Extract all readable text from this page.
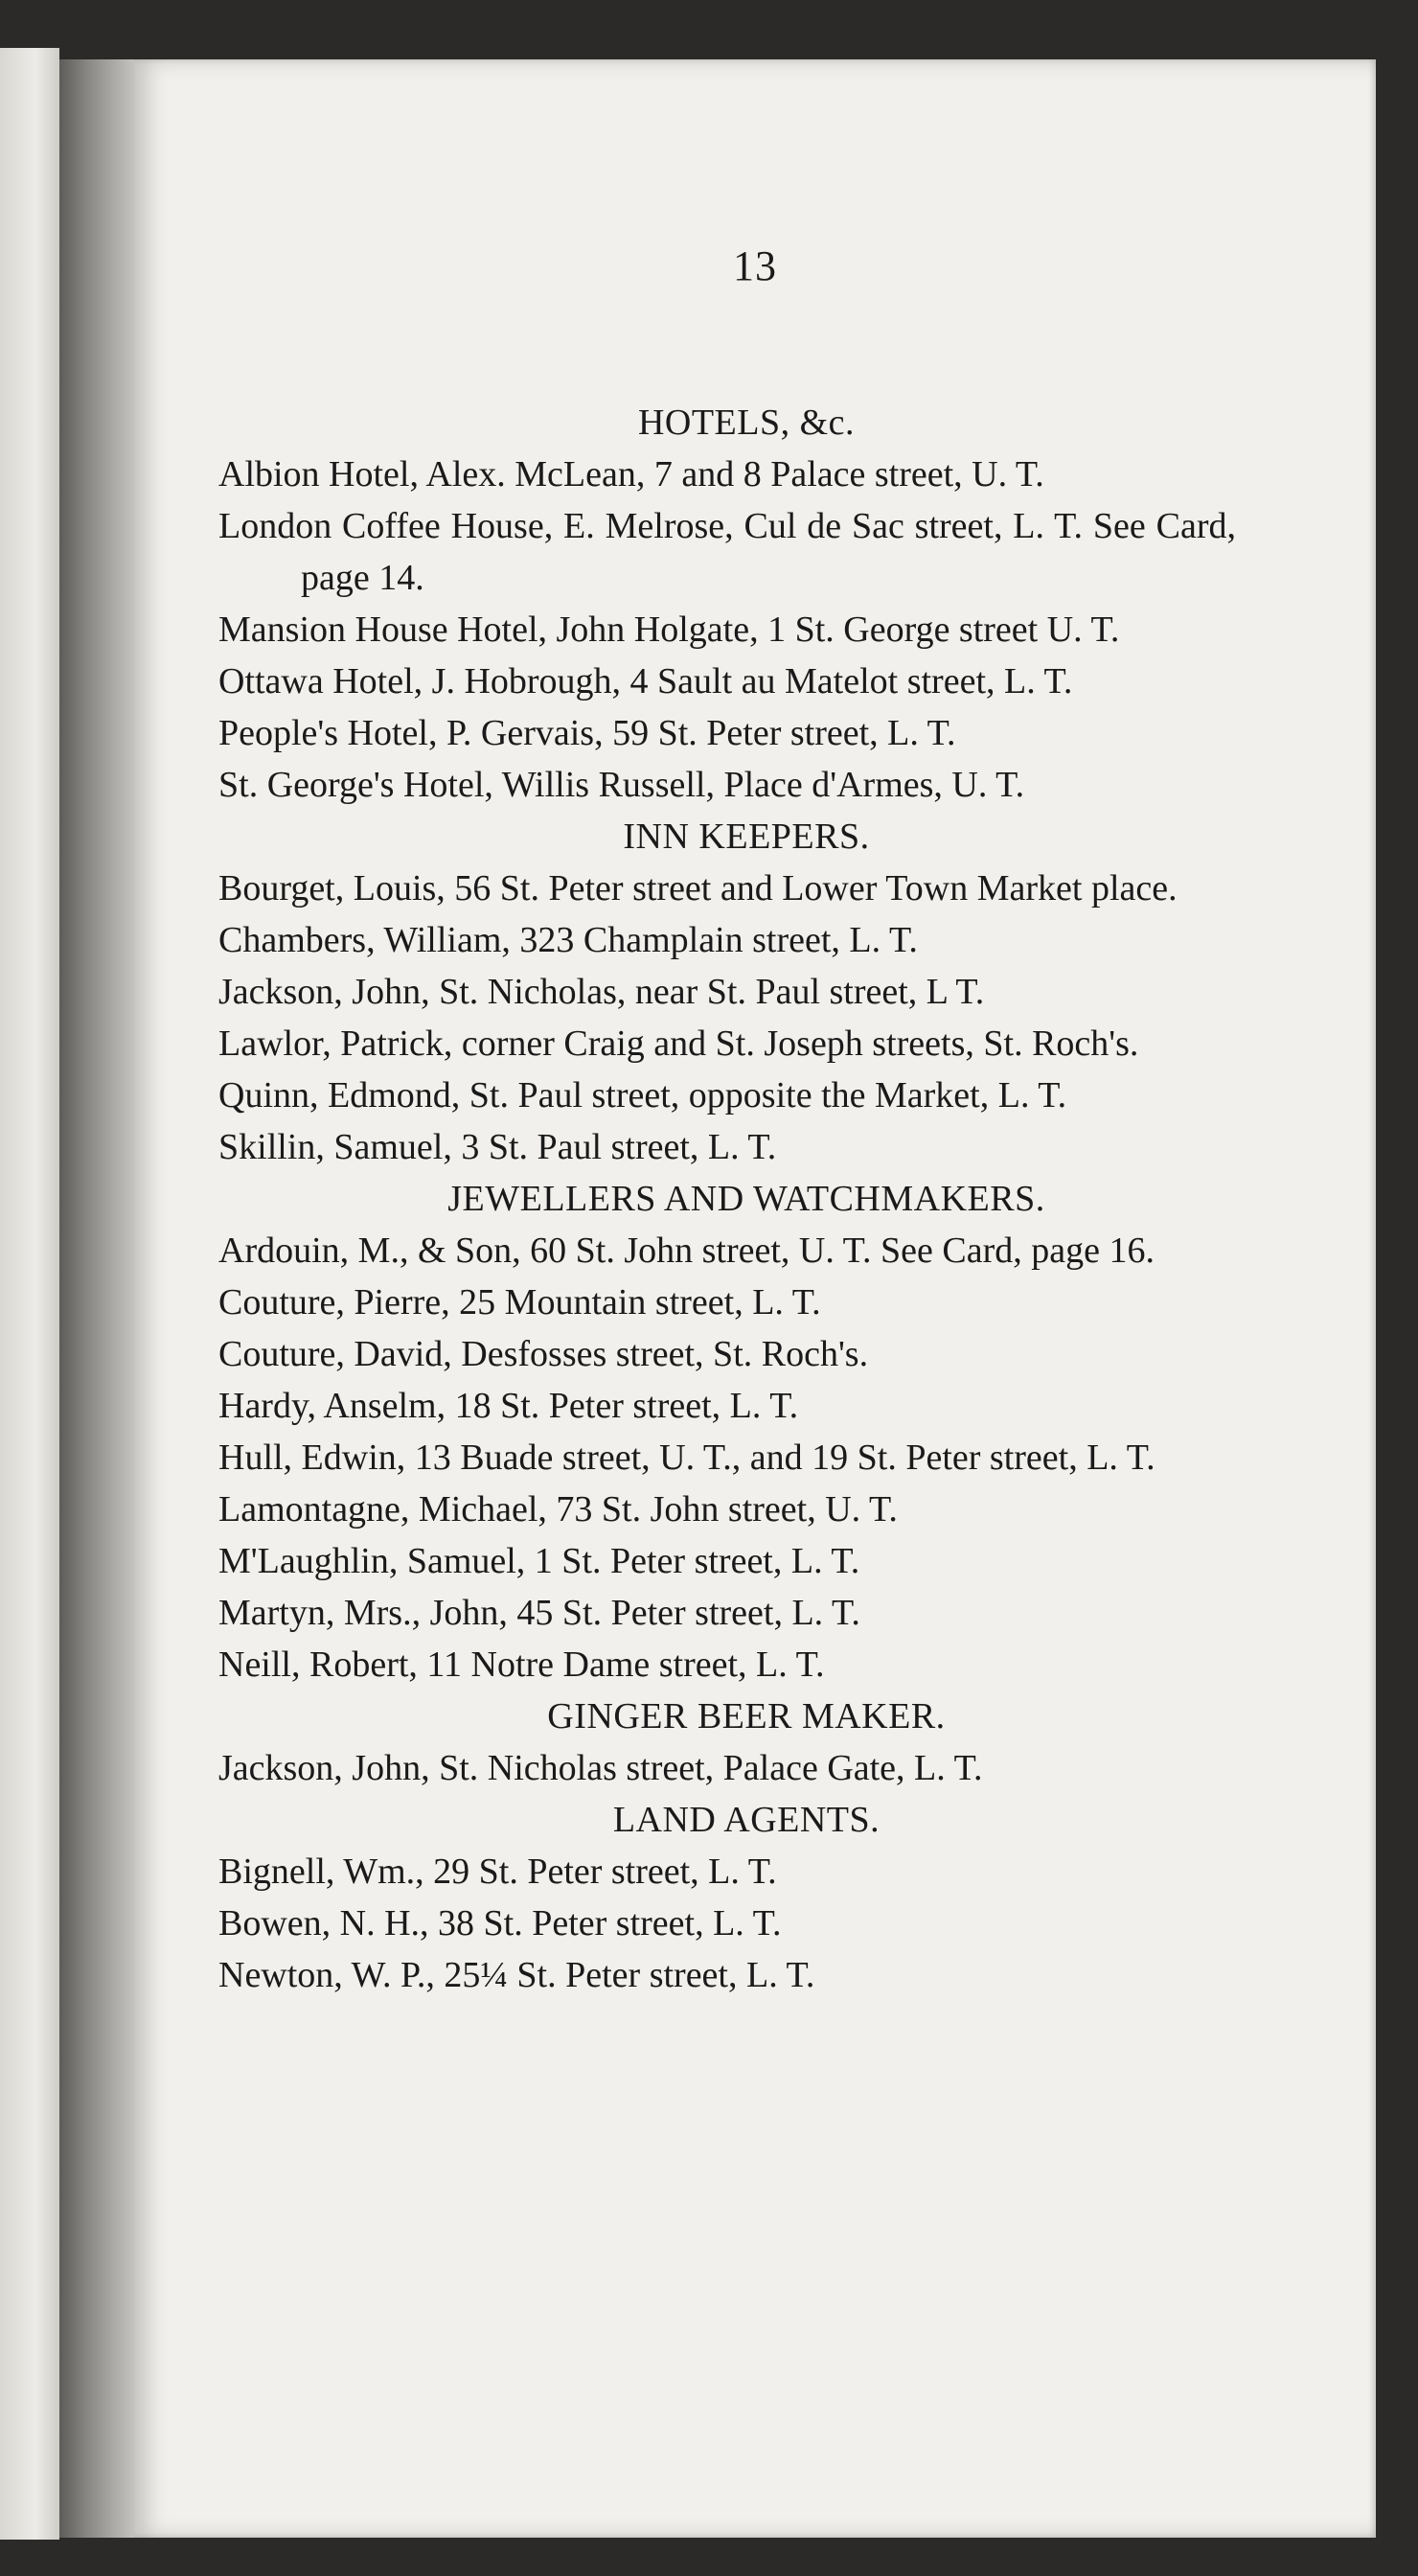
13
HOTELS, &c.
Albion Hotel, Alex. McLean, 7 and 8 Palace street, U. T.
London Coffee House, E. Melrose, Cul de Sac street, L. T. See Card, page 14.
Mansion House Hotel, John Holgate, 1 St. George street U. T.
Ottawa Hotel, J. Hobrough, 4 Sault au Matelot street, L. T.
People's Hotel, P. Gervais, 59 St. Peter street, L. T.
St. George's Hotel, Willis Russell, Place d'Armes, U. T.
INN KEEPERS.
Bourget, Louis, 56 St. Peter street and Lower Town Market place.
Chambers, William, 323 Champlain street, L. T.
Jackson, John, St. Nicholas, near St. Paul street, L T.
Lawlor, Patrick, corner Craig and St. Joseph streets, St. Roch's.
Quinn, Edmond, St. Paul street, opposite the Market, L. T.
Skillin, Samuel, 3 St. Paul street, L. T.
JEWELLERS AND WATCHMAKERS.
Ardouin, M., & Son, 60 St. John street, U. T. See Card, page 16.
Couture, Pierre, 25 Mountain street, L. T.
Couture, David, Desfosses street, St. Roch's.
Hardy, Anselm, 18 St. Peter street, L. T.
Hull, Edwin, 13 Buade street, U. T., and 19 St. Peter street, L. T.
Lamontagne, Michael, 73 St. John street, U. T.
M'Laughlin, Samuel, 1 St. Peter street, L. T.
Martyn, Mrs., John, 45 St. Peter street, L. T.
Neill, Robert, 11 Notre Dame street, L. T.
GINGER BEER MAKER.
Jackson, John, St. Nicholas street, Palace Gate, L. T.
LAND AGENTS.
Bignell, Wm., 29 St. Peter street, L. T.
Bowen, N. H., 38 St. Peter street, L. T.
Newton, W. P., 25¼ St. Peter street, L. T.
